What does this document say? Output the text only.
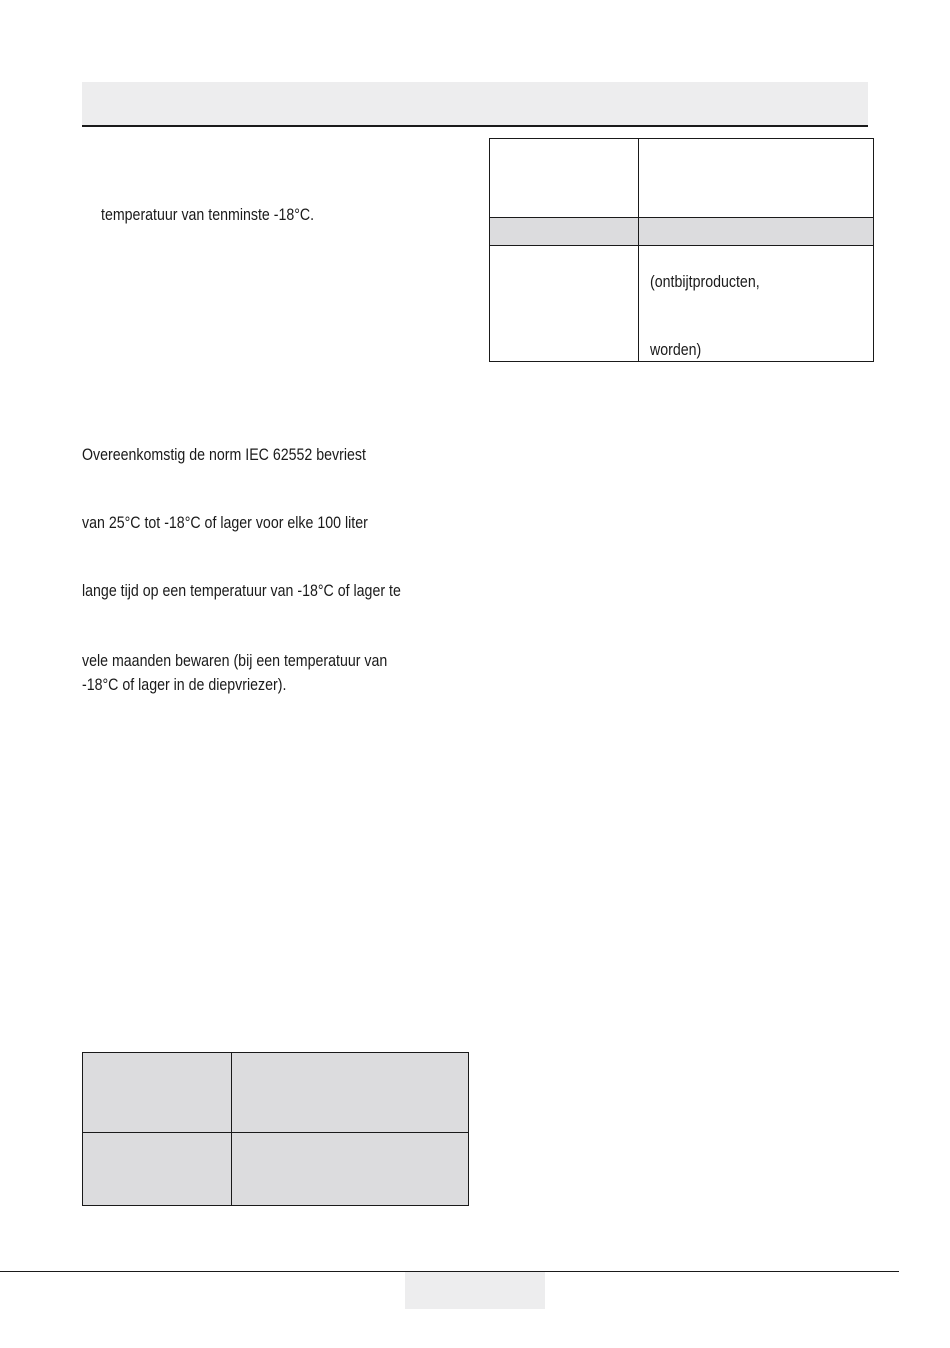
temperatuur van tenminste -18°C.
Overeenkomstig de norm IEC 62552 bevriest
van 25°C tot -18°C of lager voor elke 100 liter
lange tijd op een temperatuur van -18°C of lager te
vele maanden bewaren (bij een temperatuur van
-18°C of lager in de diepvriezer).
(ontbijtproducten,
worden)
